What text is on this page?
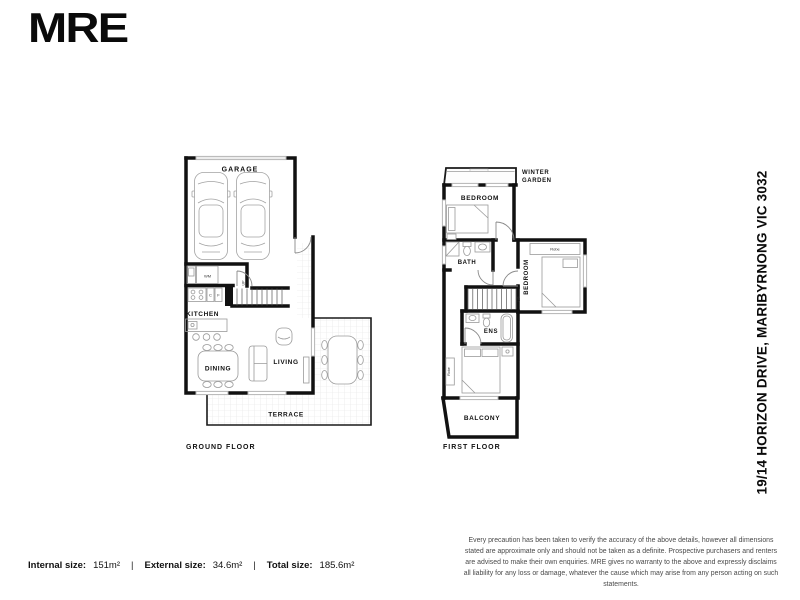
MRE
GARAGE
WM
C F
UP
KITCHEN
DINING
LIVING
TERRACE
GROUND FLOOR
WINTER
GARDEN
BEDROOM
BATH
Robe
BEDROOM
UP
ENS
Robe
BALCONY
FIRST FLOOR	19/14 HORIZON DRIVE, MARIBYRNONG VIC 3032
Internal size: 151m² | External size: 34.6m² | Total size: 185.6m²
Every precaution has been taken to verify the accuracy of the above details, however all dimensions stated are approximate only and should not be taken as a definite. Prospective purchasers and renters are advised to make their own enquiries. MRE gives no warranty to the above and expressly disclaims all liability for any loss or damage, whatever the cause which may arise from any person acting on such statements.
